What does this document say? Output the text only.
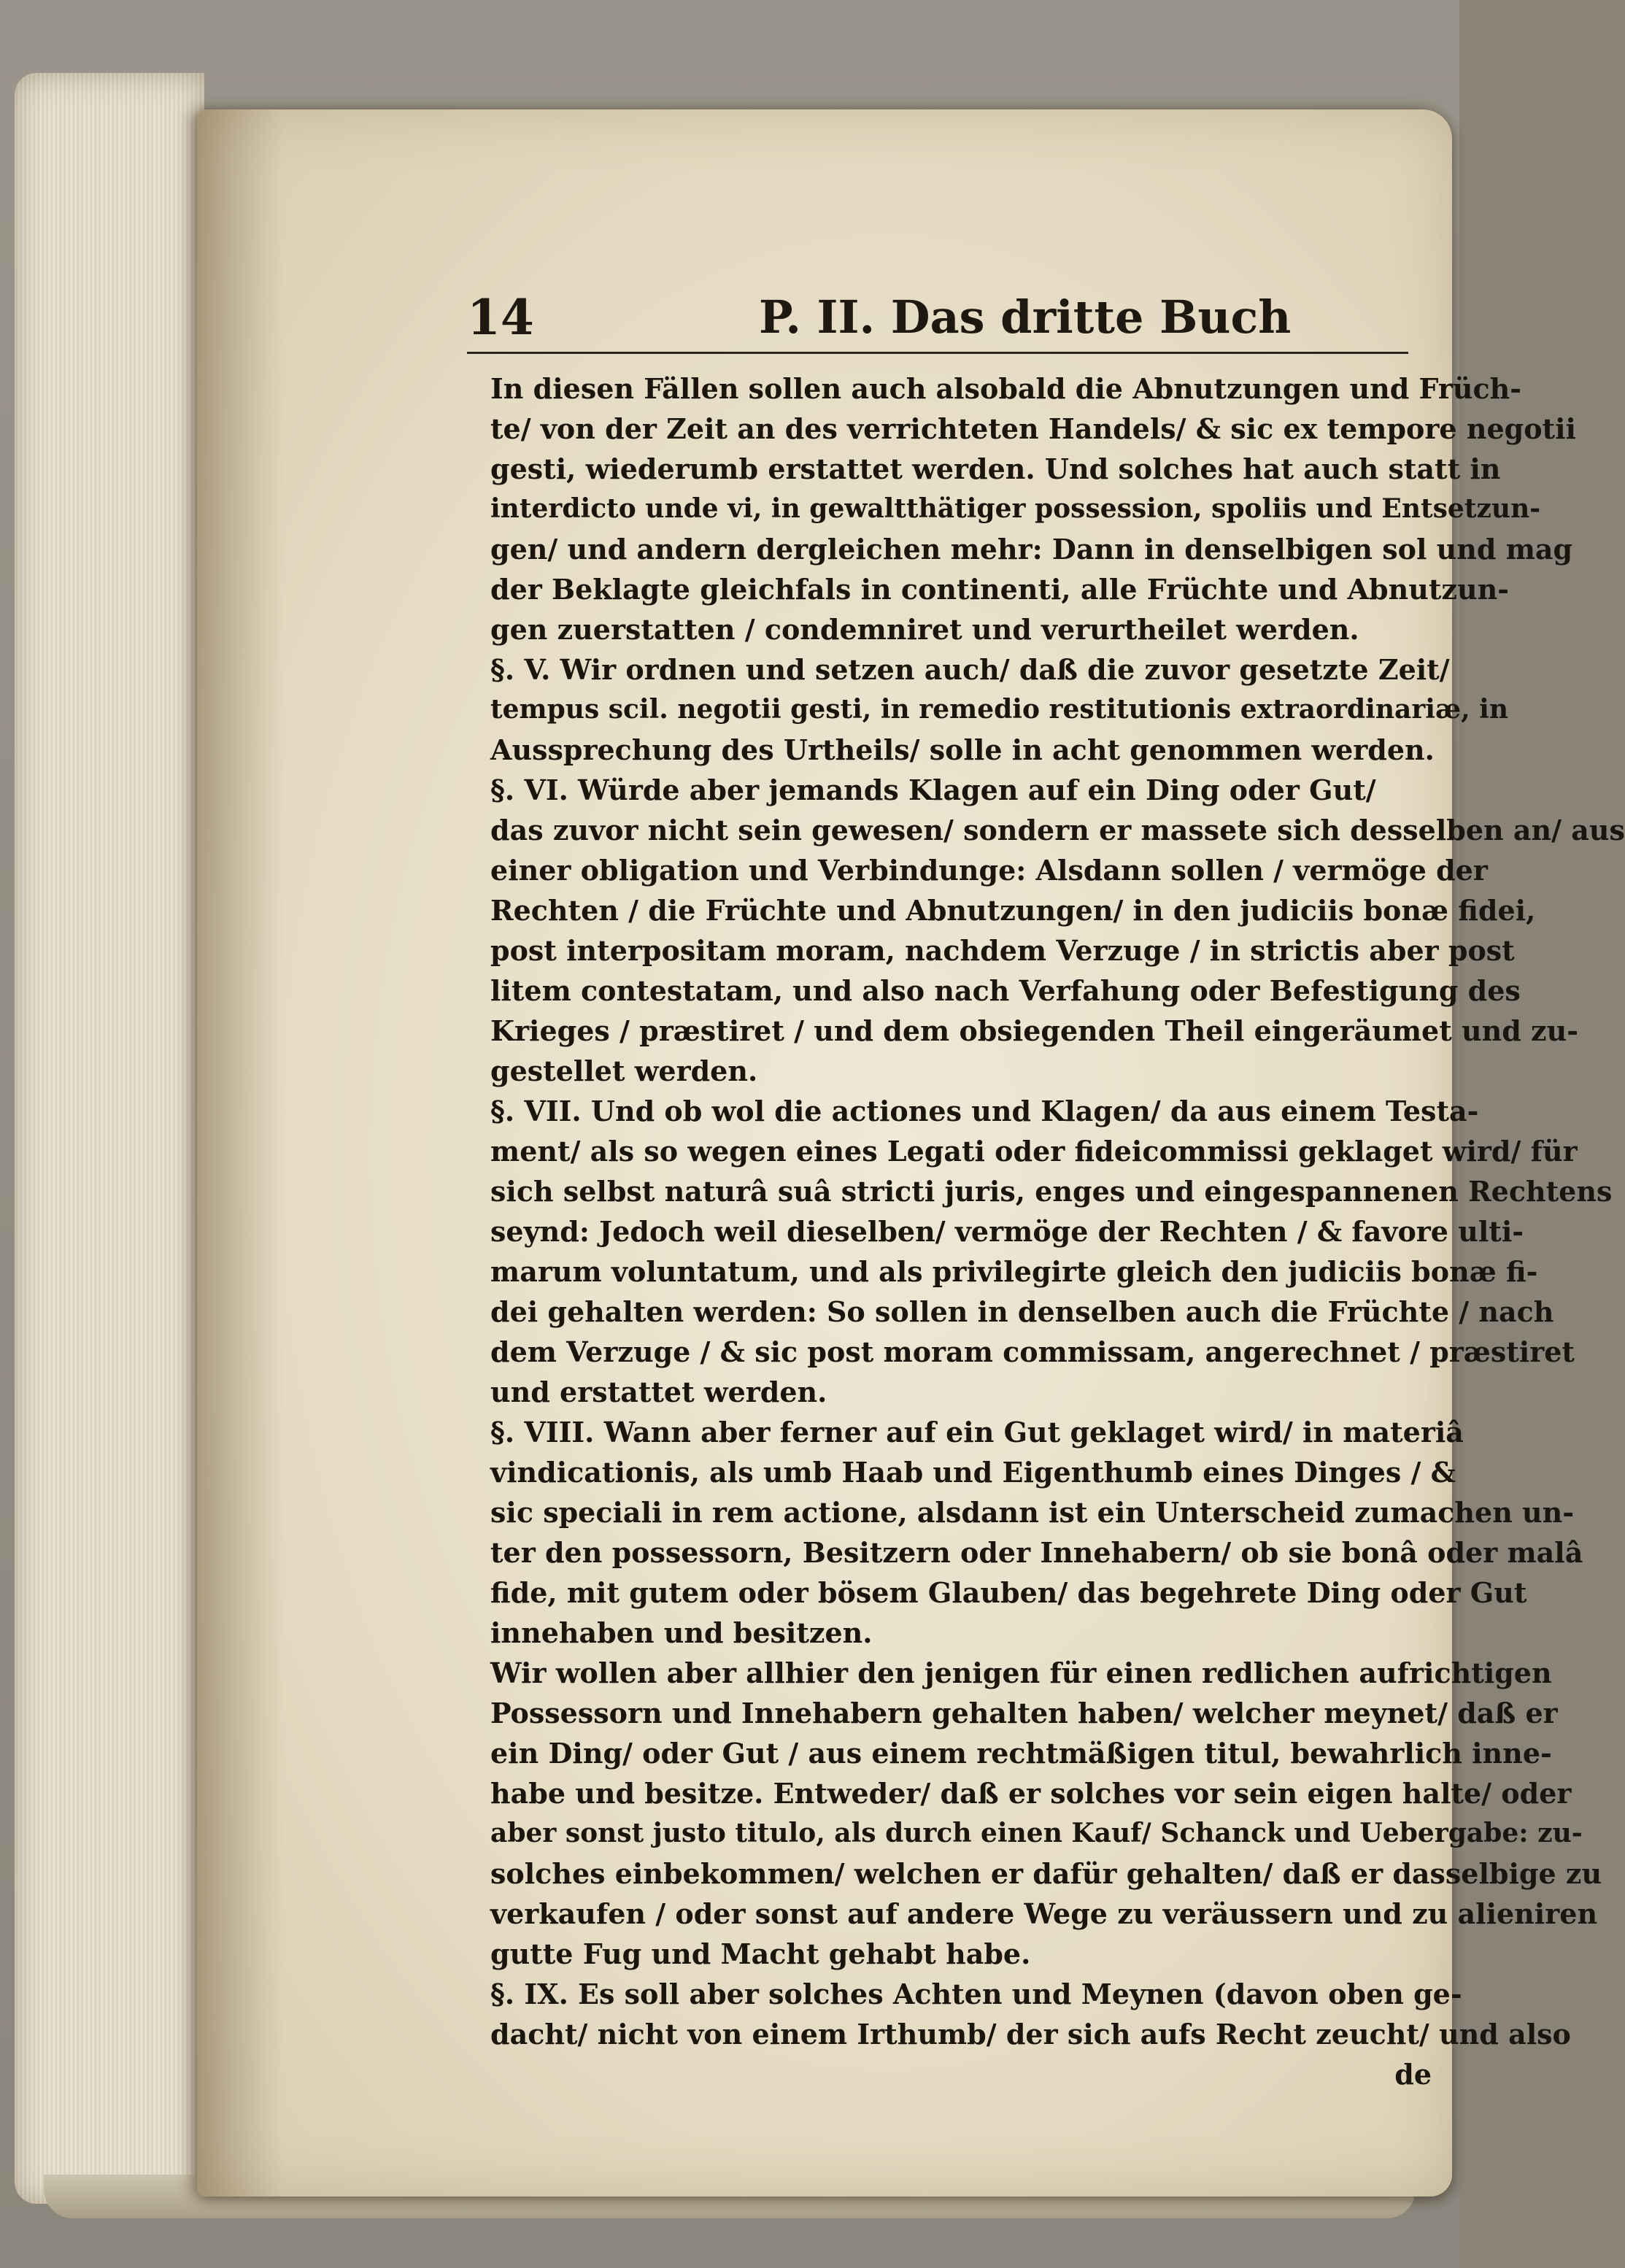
14	P. II. Das dritte Buch
In diesen Fällen sollen auch alsobald die Abnutzungen und Früch-
te/ von der Zeit an des verrichteten Handels/ & sic ex tempore negotii
gesti, wiederumb erstattet werden. Und solches hat auch statt in
interdicto unde vi, in gewaltthätiger possession, spoliis und Entsetzun-
gen/ und andern dergleichen mehr: Dann in denselbigen sol und mag
der Beklagte gleichfals in continenti, alle Früchte und Abnutzun-
gen zuerstatten / condemniret und verurtheilet werden.
§. V. Wir ordnen und setzen auch/ daß die zuvor gesetzte Zeit/
tempus scil. negotii gesti, in remedio restitutionis extraordinariæ, in
Aussprechung des Urtheils/ solle in acht genommen werden.
§. VI. Würde aber jemands Klagen auf ein Ding oder Gut/
das zuvor nicht sein gewesen/ sondern er massete sich desselben an/ aus
einer obligation und Verbindunge: Alsdann sollen / vermöge der
Rechten / die Früchte und Abnutzungen/ in den judiciis bonæ fidei,
post interpositam moram, nachdem Verzuge / in strictis aber post
litem contestatam, und also nach Verfahung oder Befestigung des
Krieges / præstiret / und dem obsiegenden Theil eingeräumet und zu-
gestellet werden.
§. VII. Und ob wol die actiones und Klagen/ da aus einem Testa-
ment/ als so wegen eines Legati oder fideicommissi geklaget wird/ für
sich selbst naturâ suâ stricti juris, enges und eingespannenen Rechtens
seynd: Jedoch weil dieselben/ vermöge der Rechten / & favore ulti-
marum voluntatum, und als privilegirte gleich den judiciis bonæ fi-
dei gehalten werden: So sollen in denselben auch die Früchte / nach
dem Verzuge / & sic post moram commissam, angerechnet / præstiret
und erstattet werden.
§. VIII. Wann aber ferner auf ein Gut geklaget wird/ in materiâ
vindicationis, als umb Haab und Eigenthumb eines Dinges / &
sic speciali in rem actione, alsdann ist ein Unterscheid zumachen un-
ter den possessorn, Besitzern oder Innehabern/ ob sie bonâ oder malâ
fide, mit gutem oder bösem Glauben/ das begehrete Ding oder Gut
innehaben und besitzen.
Wir wollen aber allhier den jenigen für einen redlichen aufrichtigen
Possessorn und Innehabern gehalten haben/ welcher meynet/ daß er
ein Ding/ oder Gut / aus einem rechtmäßigen titul, bewahrlich inne-
habe und besitze. Entweder/ daß er solches vor sein eigen halte/ oder
aber sonst justo titulo, als durch einen Kauf/ Schanck und Uebergabe: zu-
solches einbekommen/ welchen er dafür gehalten/ daß er dasselbige zu
verkaufen / oder sonst auf andere Wege zu veräussern und zu alieniren
gutte Fug und Macht gehabt habe.
§. IX. Es soll aber solches Achten und Meynen (davon oben ge-
dacht/ nicht von einem Irthumb/ der sich aufs Recht zeucht/ und also
de
